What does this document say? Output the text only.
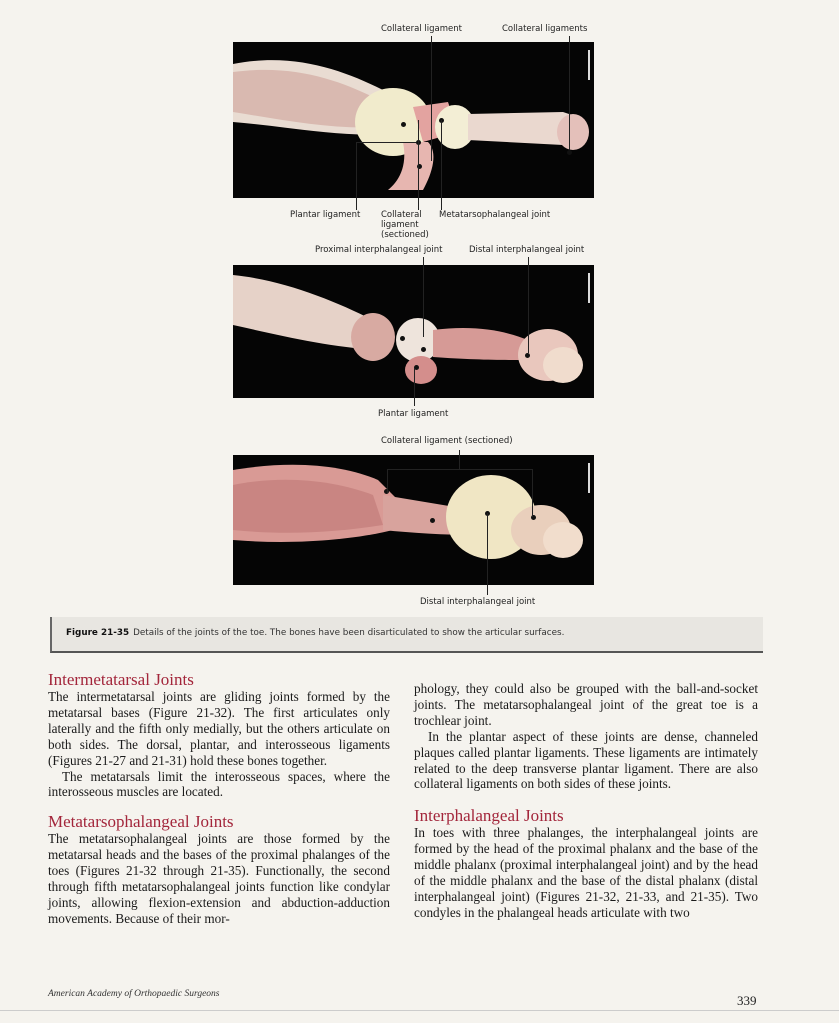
Collateral ligament	Collateral ligaments
Plantar ligament Collateral
ligament
(sectioned)
Metatarsophalangeal joint
Proximal interphalangeal joint	Distal interphalangeal joint
Plantar ligament
Collateral ligament (sectioned)
Distal interphalangeal joint
Figure 21-35 Details of the joints of the toe. The bones have been disarticulated to show the articular surfaces.
Intermetatarsal Joints

The intermetatarsal joints are gliding joints formed by the metatarsal bases (Figure 21-32). The first articulates only laterally and the fifth only medially, but the others articulate on both sides. The dorsal, plantar, and interosseous ligaments (Figures 21-27 and 21-31) hold these bones together.

The metatarsals limit the interosseous spaces, where the interosseous muscles are located.

Metatarsophalangeal Joints

The metatarsophalangeal joints are those formed by the metatarsal heads and the bases of the proximal phalanges of the toes (Figures 21-32 through 21-35). Functionally, the second through fifth metatarsophalangeal joints function like condylar joints, allowing flexion-extension and abduction-adduction movements. Because of their mor-

phology, they could also be grouped with the ball-and-socket joints. The metatarsophalangeal joint of the great toe is a trochlear joint.

In the plantar aspect of these joints are dense, channeled plaques called plantar ligaments. These ligaments are intimately related to the deep transverse plantar ligament. There are also collateral ligaments on both sides of these joints.

Interphalangeal Joints

In toes with three phalanges, the interphalangeal joints are formed by the head of the proximal phalanx and the base of the middle phalanx (proximal interphalangeal joint) and by the head of the middle phalanx and the base of the distal phalanx (distal interphalangeal joint) (Figures 21-32, 21-33, and 21-35). Two condyles in the phalangeal heads articulate with two

American Academy of Orthopaedic Surgeons	339
